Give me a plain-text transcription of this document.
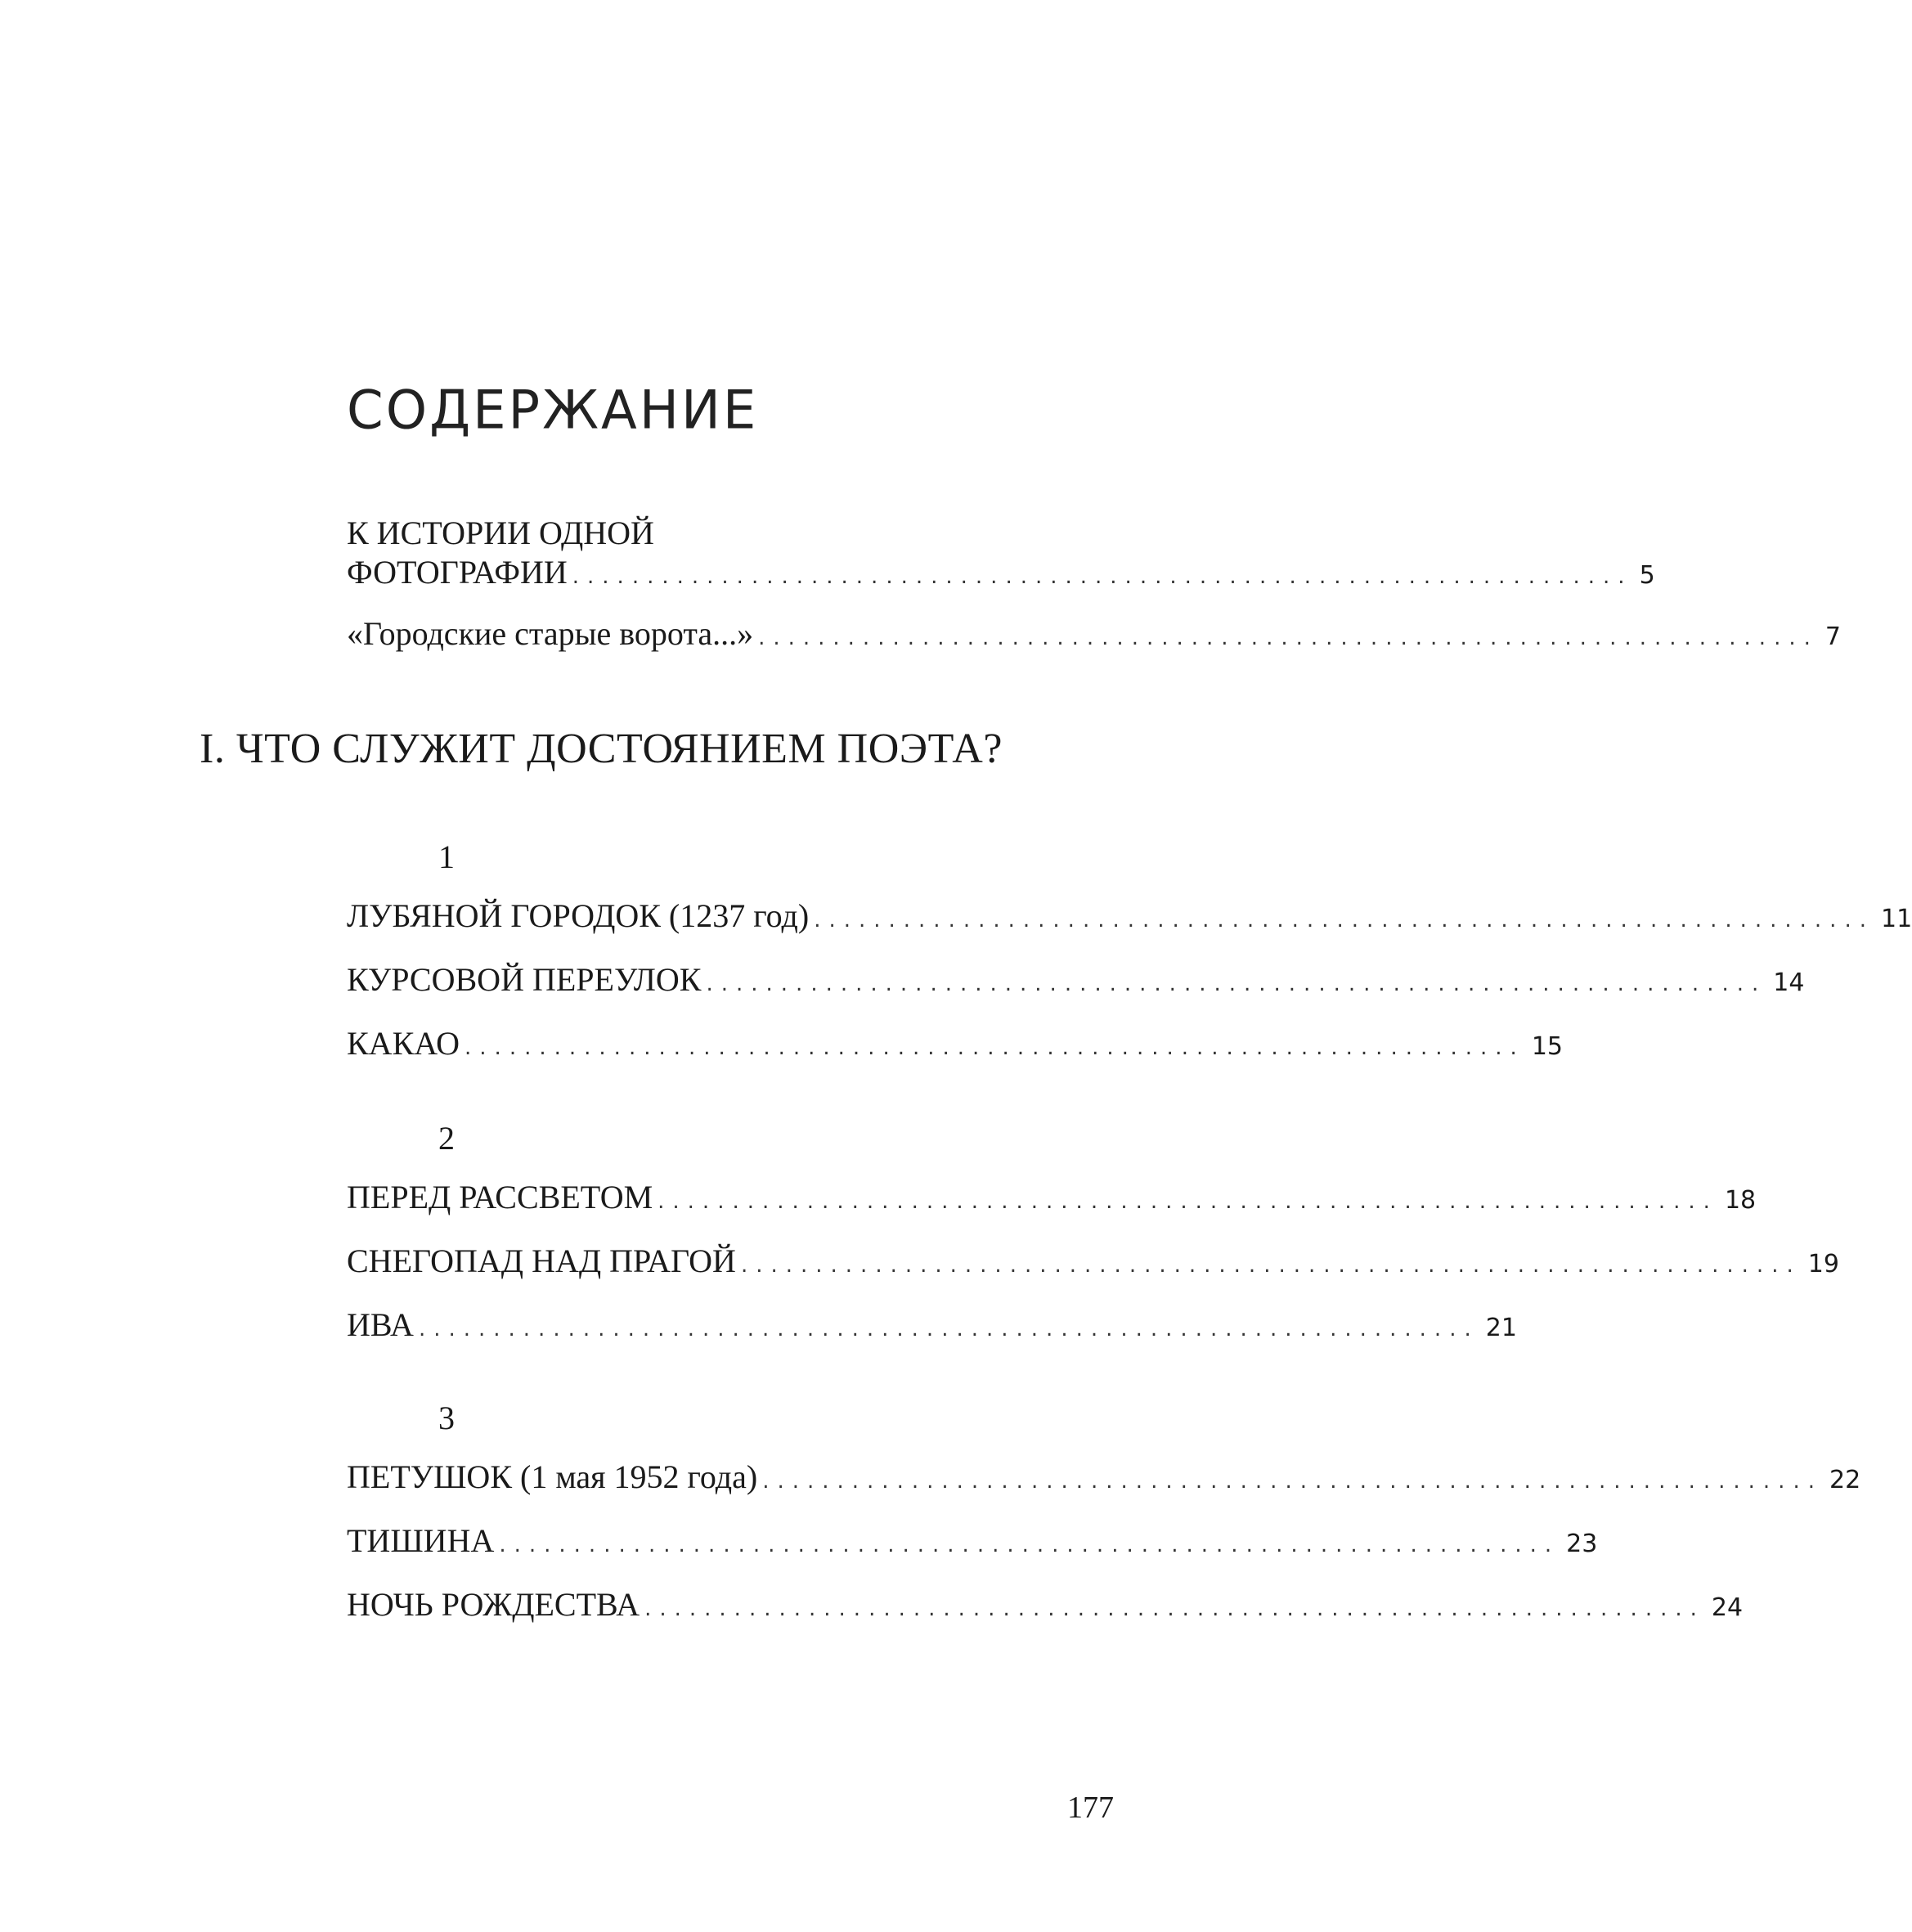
СОДЕРЖАНИЕ
К ИСТОРИИ ОДНОЙ
ФОТОГРАФИИ ....................................................................... 5
«Городские старые ворота...» ....................................................................... 7
I. ЧТО СЛУЖИТ ДОСТОЯНИЕМ ПОЭТА?
1
ЛУБЯНОЙ ГОРОДОК (1237 год) ....................................................................... 11
КУРСОВОЙ ПЕРЕУЛОК ....................................................................... 14
КАКАО ....................................................................... 15
2
ПЕРЕД РАССВЕТОМ ....................................................................... 18
СНЕГОПАД НАД ПРАГОЙ ....................................................................... 19
ИВА ....................................................................... 21
3
ПЕТУШОК (1 мая 1952 года) ....................................................................... 22
ТИШИНА ....................................................................... 23
НОЧЬ РОЖДЕСТВА ....................................................................... 24
177
